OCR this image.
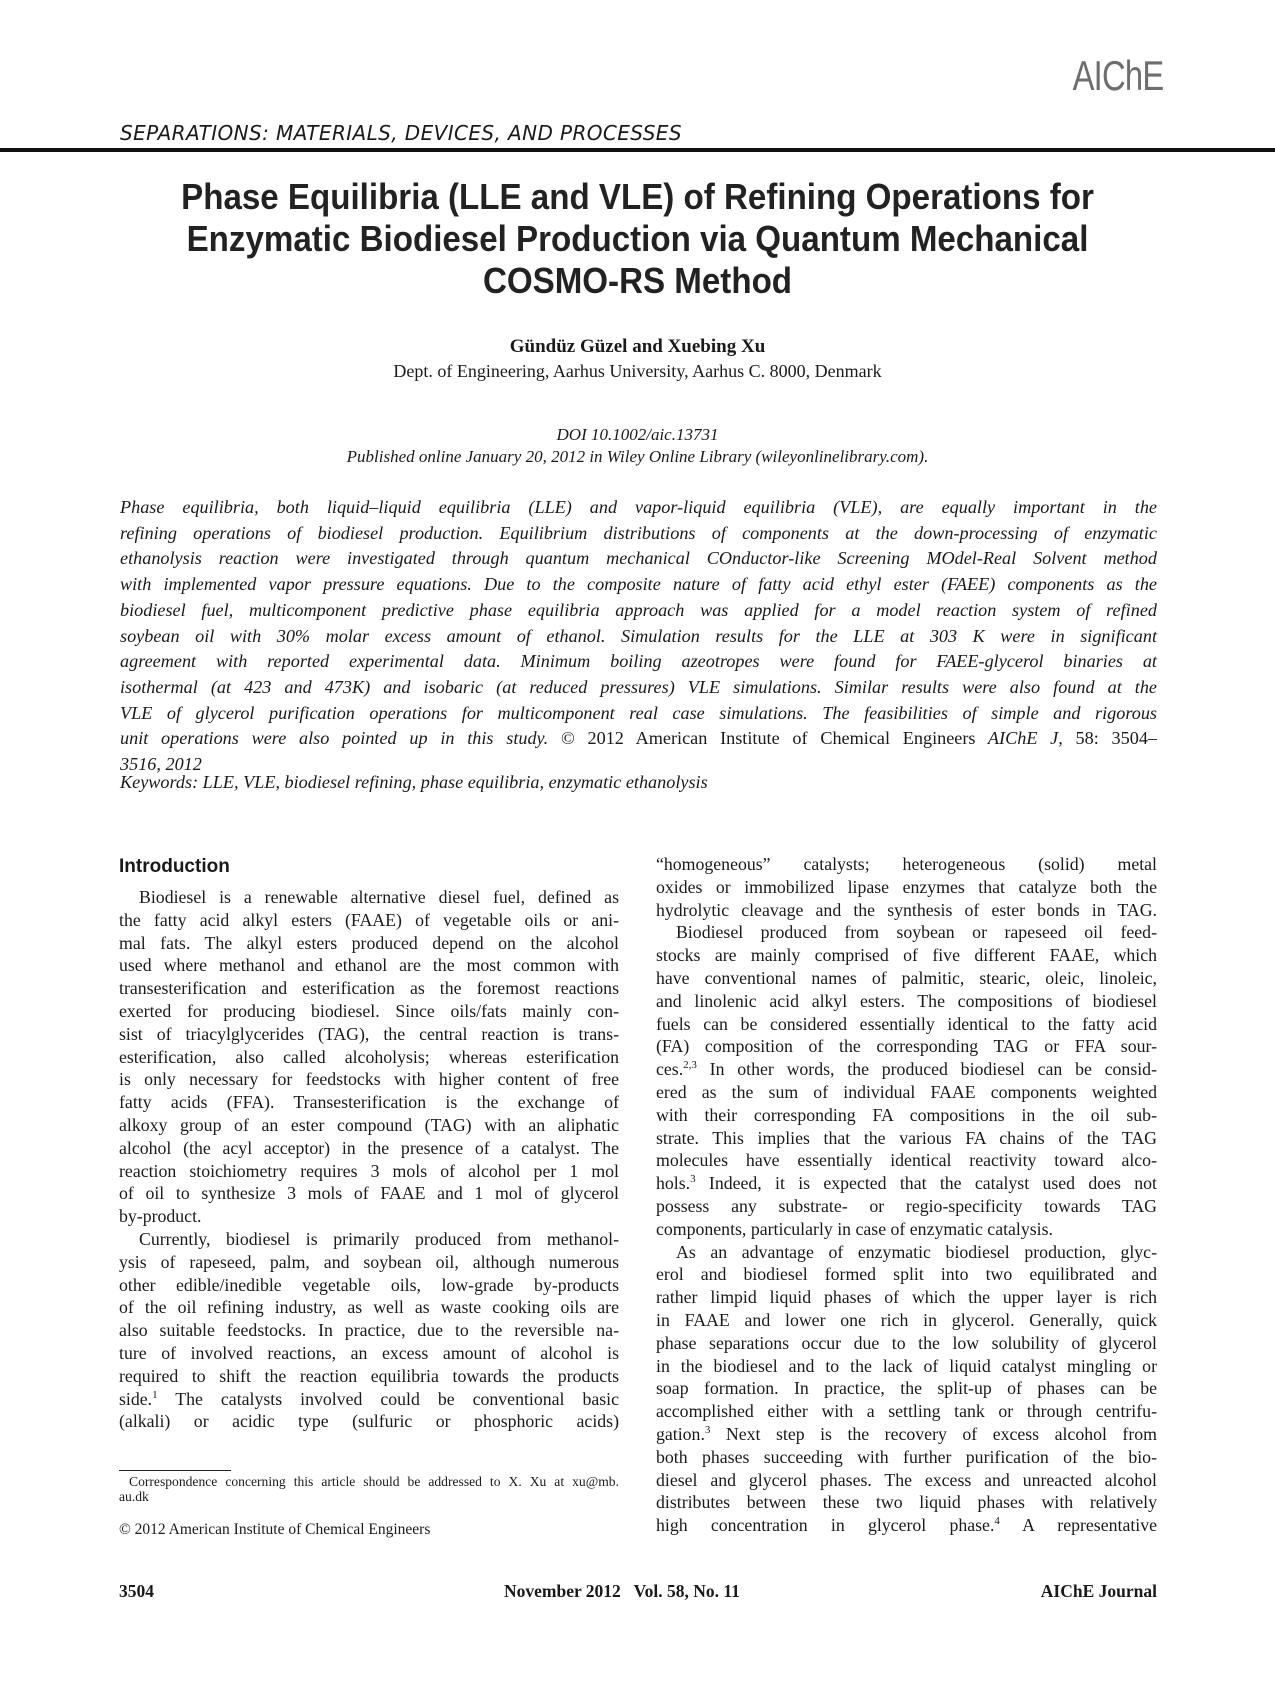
AIChE
SEPARATIONS: MATERIALS, DEVICES, AND PROCESSES
Phase Equilibria (LLE and VLE) of Refining Operations for
Enzymatic Biodiesel Production via Quantum Mechanical
COSMO-RS Method
Gündüz Güzel and Xuebing Xu
Dept. of Engineering, Aarhus University, Aarhus C. 8000, Denmark
DOI 10.1002/aic.13731
Published online January 20, 2012 in Wiley Online Library (wileyonlinelibrary.com).
Phase equilibria, both liquid–liquid equilibria (LLE) and vapor-liquid equilibria (VLE), are equally important in the
refining operations of biodiesel production. Equilibrium distributions of components at the down-processing of enzymatic
ethanolysis reaction were investigated through quantum mechanical COnductor-like Screening MOdel-Real Solvent method
with implemented vapor pressure equations. Due to the composite nature of fatty acid ethyl ester (FAEE) components as the
biodiesel fuel, multicomponent predictive phase equilibria approach was applied for a model reaction system of refined
soybean oil with 30% molar excess amount of ethanol. Simulation results for the LLE at 303 K were in significant
agreement with reported experimental data. Minimum boiling azeotropes were found for FAEE-glycerol binaries at
isothermal (at 423 and 473K) and isobaric (at reduced pressures) VLE simulations. Similar results were also found at the
VLE of glycerol purification operations for multicomponent real case simulations. The feasibilities of simple and rigorous
unit operations were also pointed up in this study. © 2012 American Institute of Chemical Engineers AIChE J, 58: 3504–
3516, 2012
Keywords: LLE, VLE, biodiesel refining, phase equilibria, enzymatic ethanolysis
Introduction
Biodiesel is a renewable alternative diesel fuel, defined as
the fatty acid alkyl esters (FAAE) of vegetable oils or ani-
mal fats. The alkyl esters produced depend on the alcohol
used where methanol and ethanol are the most common with
transesterification and esterification as the foremost reactions
exerted for producing biodiesel. Since oils/fats mainly con-
sist of triacylglycerides (TAG), the central reaction is trans-
esterification, also called alcoholysis; whereas esterification
is only necessary for feedstocks with higher content of free
fatty acids (FFA). Transesterification is the exchange of
alkoxy group of an ester compound (TAG) with an aliphatic
alcohol (the acyl acceptor) in the presence of a catalyst. The
reaction stoichiometry requires 3 mols of alcohol per 1 mol
of oil to synthesize 3 mols of FAAE and 1 mol of glycerol
by-product.
Currently, biodiesel is primarily produced from methanol-
ysis of rapeseed, palm, and soybean oil, although numerous
other edible/inedible vegetable oils, low-grade by-products
of the oil refining industry, as well as waste cooking oils are
also suitable feedstocks. In practice, due to the reversible na-
ture of involved reactions, an excess amount of alcohol is
required to shift the reaction equilibria towards the products
side.$^1$ The catalysts involved could be conventional basic
(alkali) or acidic type (sulfuric or phosphoric acids)
“homogeneous” catalysts; heterogeneous (solid) metal
oxides or immobilized lipase enzymes that catalyze both the
hydrolytic cleavage and the synthesis of ester bonds in TAG.
Biodiesel produced from soybean or rapeseed oil feed-
stocks are mainly comprised of five different FAAE, which
have conventional names of palmitic, stearic, oleic, linoleic,
and linolenic acid alkyl esters. The compositions of biodiesel
fuels can be considered essentially identical to the fatty acid
(FA) composition of the corresponding TAG or FFA sour-
ces.$^{2,3}$ In other words, the produced biodiesel can be consid-
ered as the sum of individual FAAE components weighted
with their corresponding FA compositions in the oil sub-
strate. This implies that the various FA chains of the TAG
molecules have essentially identical reactivity toward alco-
hols.$^3$ Indeed, it is expected that the catalyst used does not
possess any substrate- or regio-specificity towards TAG
components, particularly in case of enzymatic catalysis.
As an advantage of enzymatic biodiesel production, glyc-
erol and biodiesel formed split into two equilibrated and
rather limpid liquid phases of which the upper layer is rich
in FAAE and lower one rich in glycerol. Generally, quick
phase separations occur due to the low solubility of glycerol
in the biodiesel and to the lack of liquid catalyst mingling or
soap formation. In practice, the split-up of phases can be
accomplished either with a settling tank or through centrifu-
gation.$^3$ Next step is the recovery of excess alcohol from
both phases succeeding with further purification of the bio-
diesel and glycerol phases. The excess and unreacted alcohol
distributes between these two liquid phases with relatively
high concentration in glycerol phase.$^4$ A representative
Correspondence concerning this article should be addressed to X. Xu at xu@mb.
au.dk
© 2012 American Institute of Chemical Engineers
3504	November 2012   Vol. 58, No. 11	AIChE Journal
